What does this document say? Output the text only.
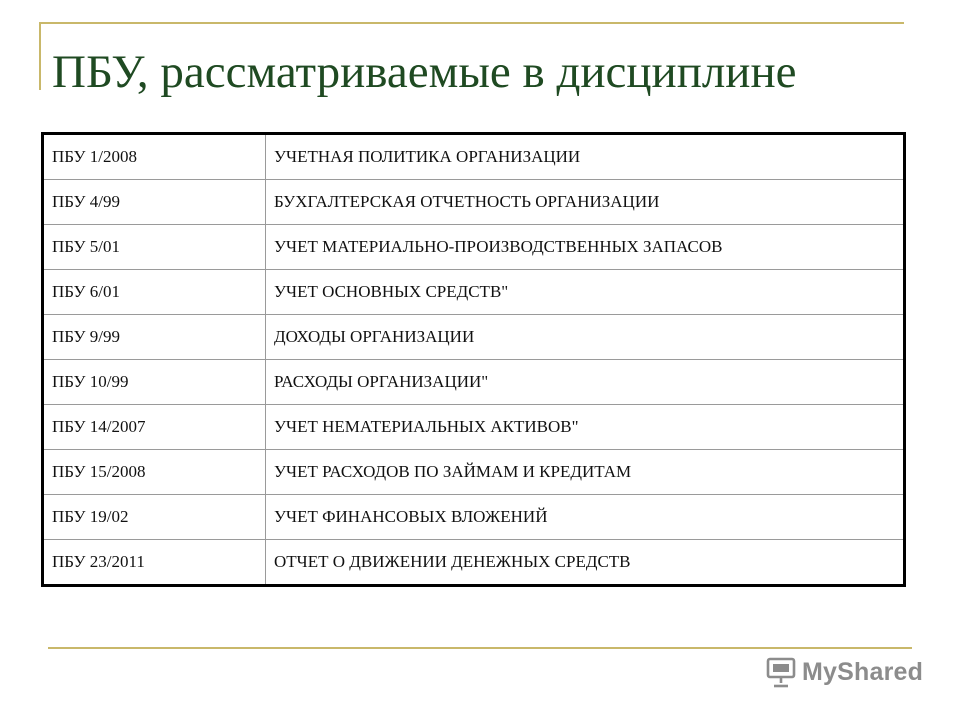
ПБУ, рассматриваемые в дисциплине
ПБУ 1/2008	УЧЕТНАЯ ПОЛИТИКА ОРГАНИЗАЦИИ
ПБУ 4/99	БУХГАЛТЕРСКАЯ ОТЧЕТНОСТЬ ОРГАНИЗАЦИИ
ПБУ 5/01	УЧЕТ МАТЕРИАЛЬНО-ПРОИЗВОДСТВЕННЫХ ЗАПАСОВ
ПБУ 6/01	УЧЕТ ОСНОВНЫХ СРЕДСТВ"
ПБУ 9/99	ДОХОДЫ ОРГАНИЗАЦИИ
ПБУ 10/99	РАСХОДЫ ОРГАНИЗАЦИИ"
ПБУ 14/2007	УЧЕТ НЕМАТЕРИАЛЬНЫХ АКТИВОВ"
ПБУ 15/2008	УЧЕТ РАСХОДОВ ПО ЗАЙМАМ И КРЕДИТАМ
ПБУ 19/02	УЧЕТ ФИНАНСОВЫХ ВЛОЖЕНИЙ
ПБУ 23/2011	ОТЧЕТ О ДВИЖЕНИИ ДЕНЕЖНЫХ СРЕДСТВ
MyShared
